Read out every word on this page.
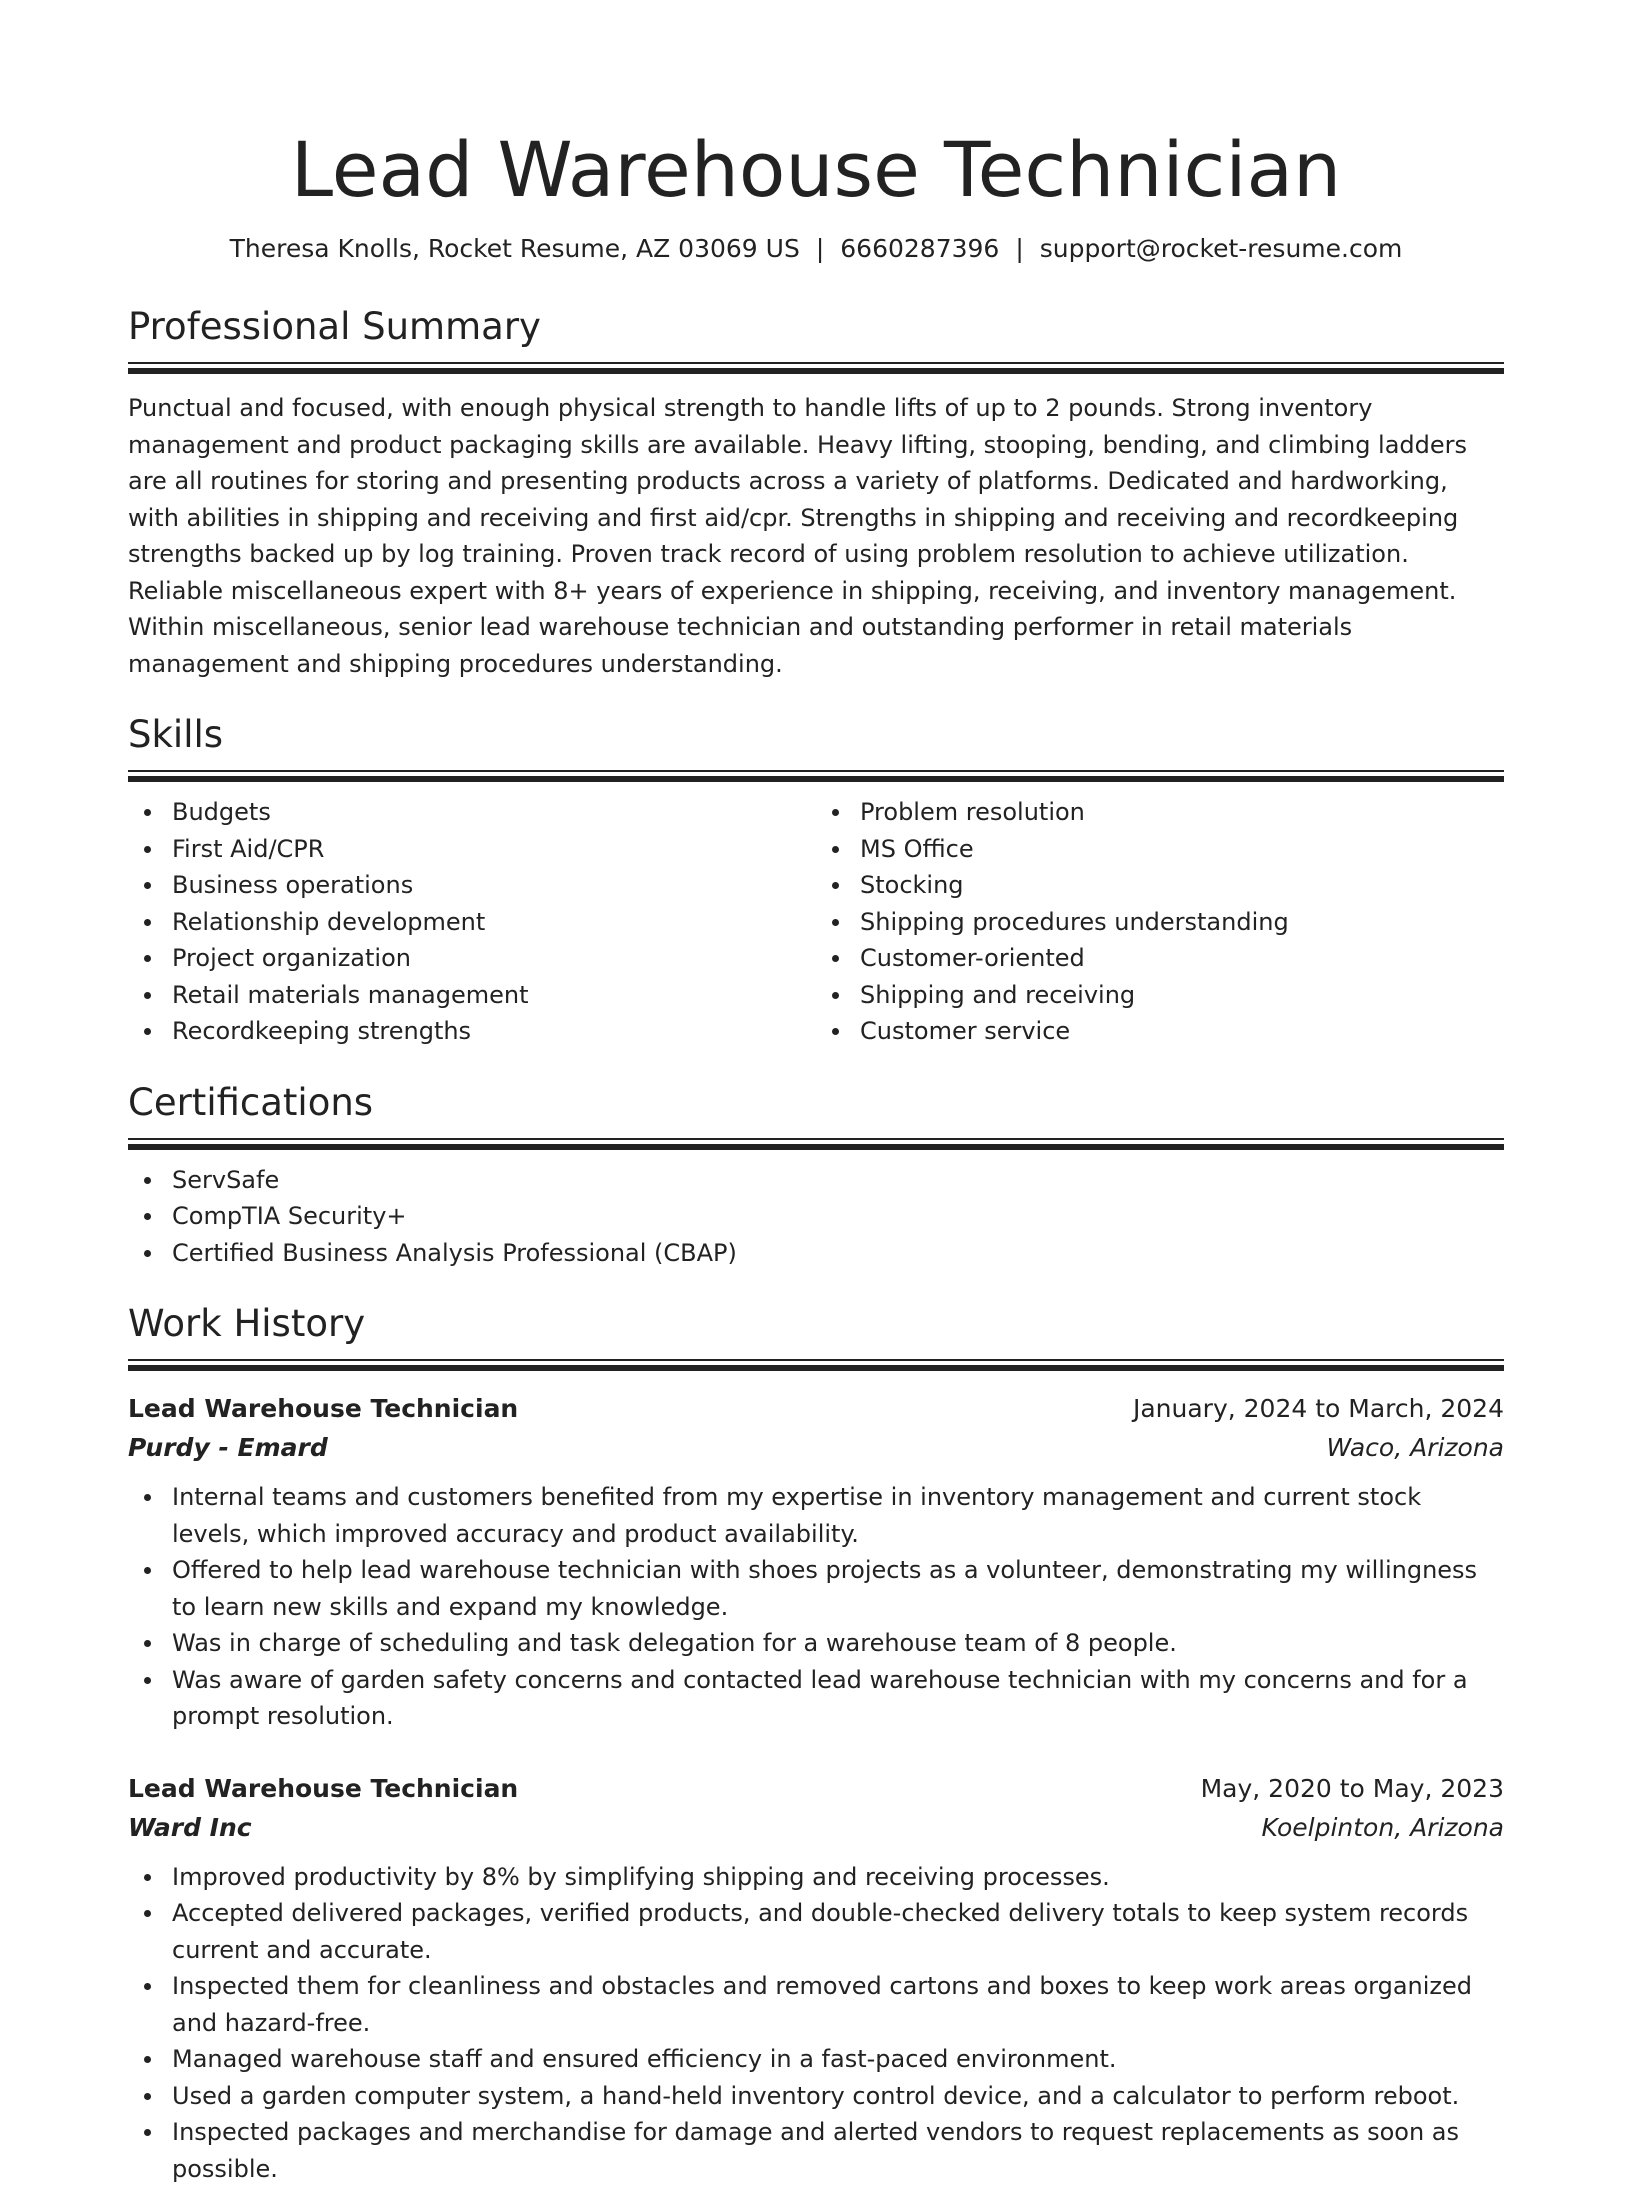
Lead Warehouse Technician
Theresa Knolls, Rocket Resume, AZ 03069 US | 6660287396 | support@rocket-resume.com
Professional Summary

Punctual and focused, with enough physical strength to handle lifts of up to 2 pounds. Strong inventory management and product packaging skills are available. Heavy lifting, stooping, bending, and climbing ladders are all routines for storing and presenting products across a variety of platforms. Dedicated and hardworking, with abilities in shipping and receiving and first aid/cpr. Strengths in shipping and receiving and recordkeeping strengths backed up by log training. Proven track record of using problem resolution to achieve utilization. Reliable miscellaneous expert with 8+ years of experience in shipping, receiving, and inventory management. Within miscellaneous, senior lead warehouse technician and outstanding performer in retail materials management and shipping procedures understanding.

Skills
Budgets
First Aid/CPR
Business operations
Relationship development
Project organization
Retail materials management
Recordkeeping strengths
Problem resolution
MS Office
Stocking
Shipping procedures understanding
Customer-oriented
Shipping and receiving
Customer service
Certifications
ServSafe
CompTIA Security+
Certified Business Analysis Professional (CBAP)
Work History
Lead Warehouse Technician	January, 2024 to March, 2024
Purdy - Emard	Waco, Arizona
Internal teams and customers benefited from my expertise in inventory management and current stock levels, which improved accuracy and product availability.
Offered to help lead warehouse technician with shoes projects as a volunteer, demonstrating my willingness to learn new skills and expand my knowledge.
Was in charge of scheduling and task delegation for a warehouse team of 8 people.
Was aware of garden safety concerns and contacted lead warehouse technician with my concerns and for a prompt resolution.
Lead Warehouse Technician	May, 2020 to May, 2023
Ward Inc	Koelpinton, Arizona
Improved productivity by 8% by simplifying shipping and receiving processes.
Accepted delivered packages, verified products, and double-checked delivery totals to keep system records current and accurate.
Inspected them for cleanliness and obstacles and removed cartons and boxes to keep work areas organized and hazard-free.
Managed warehouse staff and ensured efficiency in a fast-paced environment.
Used a garden computer system, a hand-held inventory control device, and a calculator to perform reboot.
Inspected packages and merchandise for damage and alerted vendors to request replacements as soon as possible.
